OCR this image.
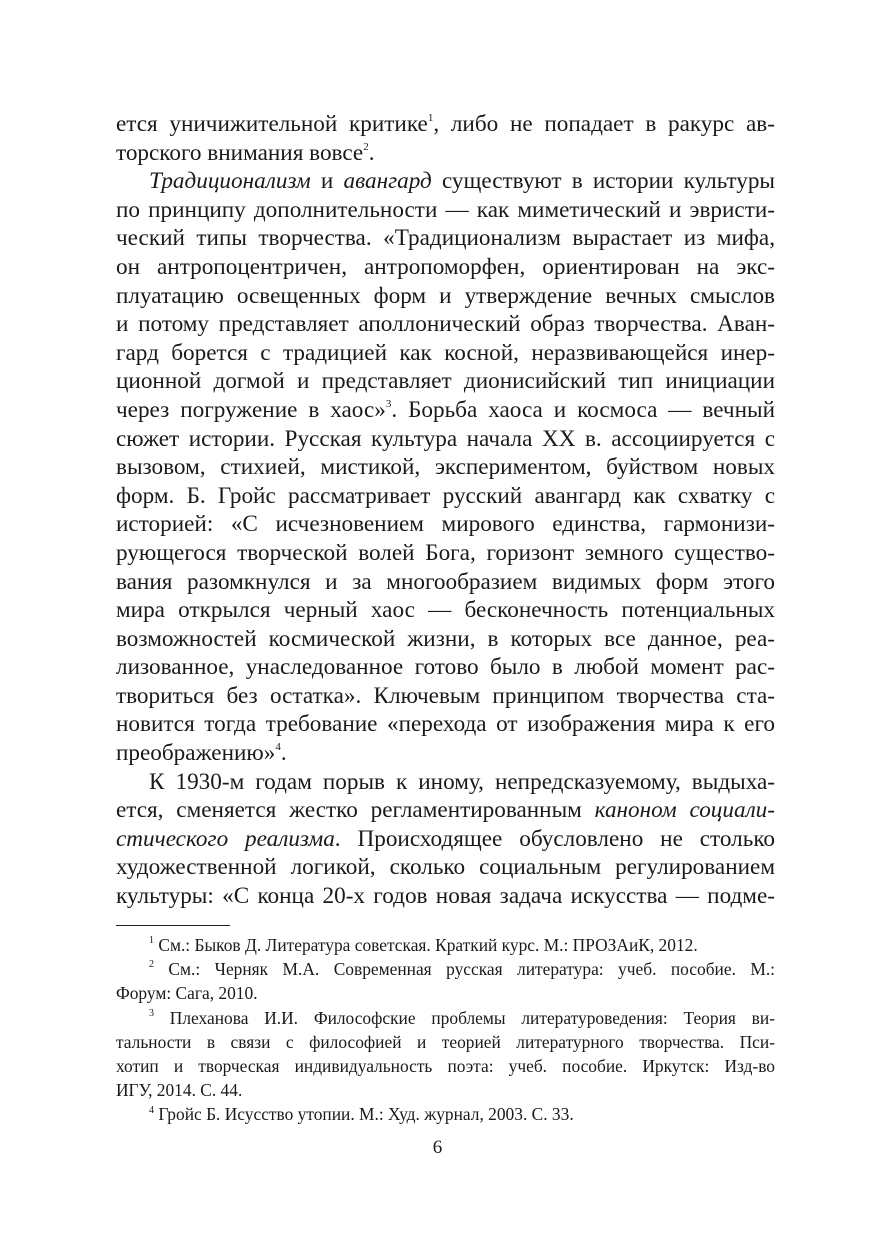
ется уничижительной критике$^1$, либо не попадает в ракурс ав-
торского внимания вовсе$^2$.
Традиционализм и авангард существуют в истории культуры
по принципу дополнительности — как миметический и эвристи-
ческий типы творчества. «Традиционализм вырастает из мифа,
он антропоцентричен, антропоморфен, ориентирован на экс-
плуатацию освещенных форм и утверждение вечных смыслов
и потому представляет аполлонический образ творчества. Аван-
гард борется с традицией как косной, неразвивающейся инер-
ционной догмой и представляет дионисийский тип инициации
через погружение в хаос»$^3$. Борьба хаоса и космоса — вечный
сюжет истории. Русская культура начала XX в. ассоциируется с
вызовом, стихией, мистикой, экспериментом, буйством новых
форм. Б. Гройс рассматривает русский авангард как схватку с
историей: «С исчезновением мирового единства, гармонизи-
рующегося творческой волей Бога, горизонт земного существо-
вания разомкнулся и за многообразием видимых форм этого
мира открылся черный хаос — бесконечность потенциальных
возможностей космической жизни, в которых все данное, реа-
лизованное, унаследованное готово было в любой момент рас-
твориться без остатка». Ключевым принципом творчества ста-
новится тогда требование «перехода от изображения мира к его
преображению»$^4$.
К 1930-м годам порыв к иному, непредсказуемому, выдыха-
ется, сменяется жестко регламентированным каноном социали-
стического реализма. Происходящее обусловлено не столько
художественной логикой, сколько социальным регулированием
культуры: «С конца 20-х годов новая задача искусства — подме-
$^1$ См.: Быков Д. Литература советская. Краткий курс. М.: ПРОЗАиК, 2012.
$^2$ См.: Черняк М.А. Современная русская литература: учеб. пособие. М.:
Форум: Сага, 2010.
$^3$ Плеханова И.И. Философские проблемы литературоведения: Теория ви-
тальности в связи с философией и теорией литературного творчества. Пси-
хотип и творческая индивидуальность поэта: учеб. пособие. Иркутск: Изд-во
ИГУ, 2014. С. 44.
$^4$ Гройс Б. Исусство утопии. М.: Худ. журнал, 2003. С. 33.
6
